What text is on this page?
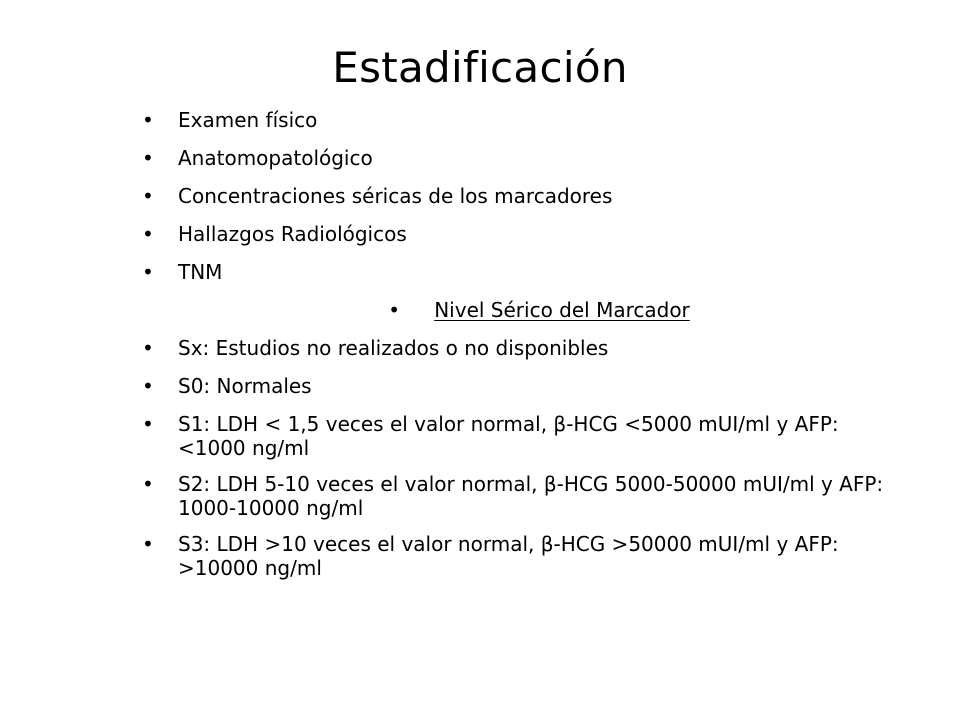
Estadificación
• Examen físico
• Anatomopatológico
• Concentraciones séricas de los marcadores
• Hallazgos Radiológicos
• TNM
• Nivel Sérico del Marcador
• Sx: Estudios no realizados o no disponibles
• S0: Normales
• S1: LDH < 1,5 veces el valor normal, β-HCG <5000 mUI/ml y AFP: <1000 ng/ml
• S2: LDH 5-10 veces el valor normal, β-HCG 5000-50000 mUI/ml y AFP: 1000-10000 ng/ml
• S3: LDH >10 veces el valor normal, β-HCG >50000 mUI/ml y AFP: >10000 ng/ml
